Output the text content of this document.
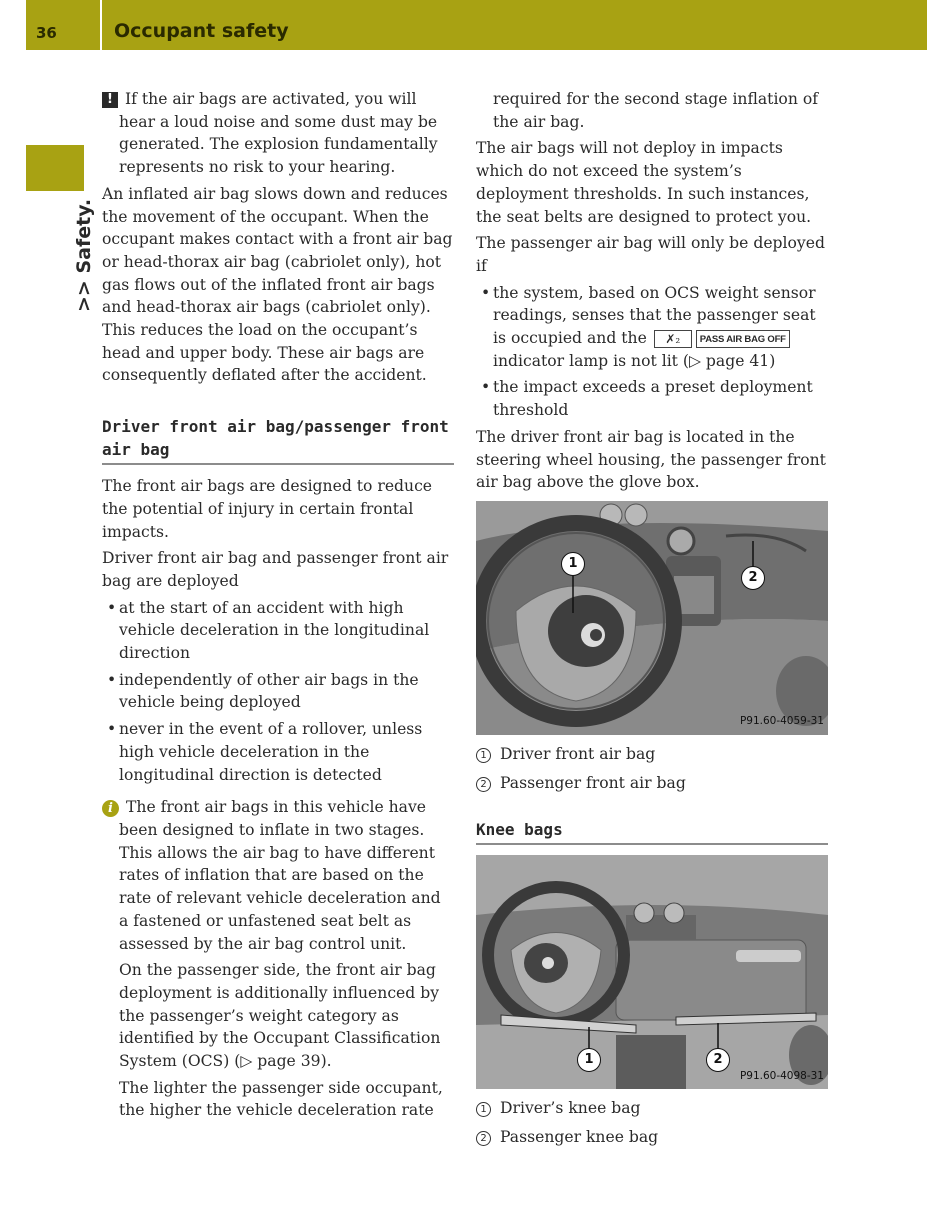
36	Occupant safety
>> Safety.

! If the air bags are activated, you will hear a loud noise and some dust may be generated. The explosion fundamentally represents no risk to your hearing.

An inflated air bag slows down and reduces the movement of the occupant. When the occupant makes contact with a front air bag or head-thorax air bag (cabriolet only), hot gas flows out of the inflated front air bags and head-thorax air bags (cabriolet only). This reduces the load on the occupant’s head and upper body. These air bags are consequently deflated after the accident.

Driver front air bag/passenger front air bag

The front air bags are designed to reduce the potential of injury in certain frontal impacts.

Driver front air bag and passenger front air bag are deployed

• at the start of an accident with high vehicle deceleration in the longitudinal direction
• independently of other air bags in the vehicle being deployed
• never in the event of a rollover, unless high vehicle deceleration in the longitudinal direction is detected

i The front air bags in this vehicle have been designed to inflate in two stages. This allows the air bag to have different rates of inflation that are based on the rate of relevant vehicle deceleration and a fastened or unfastened seat belt as assessed by the air bag control unit.

On the passenger side, the front air bag deployment is additionally influenced by the passenger’s weight category as identified by the Occupant Classification System (OCS) (▷ page 39).

The lighter the passenger side occupant, the higher the vehicle deceleration rate

required for the second stage inflation of the air bag.

The air bags will not deploy in impacts which do not exceed the system’s deployment thresholds. In such instances, the seat belts are designed to protect you.

The passenger air bag will only be deployed if

• the system, based on OCS weight sensor readings, senses that the passenger seat is occupied and the ✗₂ PASS AIR BAG OFF indicator lamp is not lit (▷ page 41)
• the impact exceeds a preset deployment threshold

The driver front air bag is located in the steering wheel housing, the passenger front air bag above the glove box.

1
2
P91.60-4059-31

1 Driver front air bag

2 Passenger front air bag

Knee bags
1	2
P91.60-4098-31

1 Driver’s knee bag

2 Passenger knee bag
